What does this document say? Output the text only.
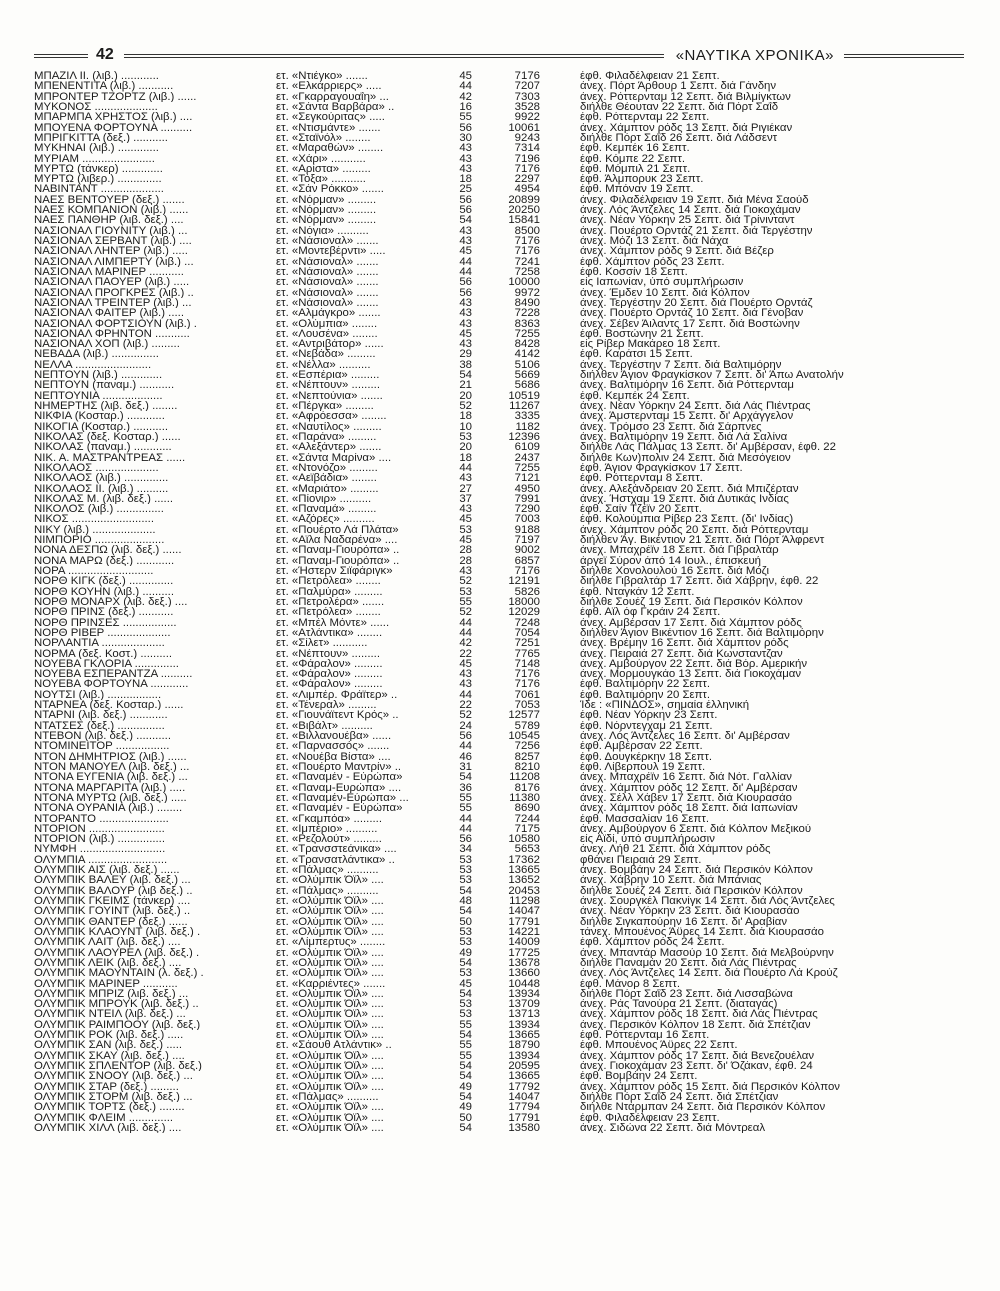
42	«ΝΑΥΤΙΚΑ ΧΡΟΝΙΚΑ»
ΜΠΑΖΙΛ ΙΙ. (λιβ.) ............	ετ. «Ντιέγκο» .......	45	7176	έφθ. Φιλαδέλφειαν 21 Σεπτ.
ΜΠΕΝΕΝΤΙΤΑ (λιβ.) ...........	ετ. «Ελκάρριερς» .....	44	7207	άνεχ. Πόρτ Άρθουρ 1 Σεπτ. διά Γάνδην
ΜΠΡΟΝΤΕΡ ΤΖΟΡΤΖ (λιβ.) ......	ετ. «Γκαρραγουαΐη» ...	42	7303	άνεχ. Ρόττερνταμ 12 Σεπτ. διά Βιλμίγκτων
ΜΥΚΟΝΟΣ ....................	ετ. «Σάντα Βαρβάρα» ..	16	3528	διήλθε Θέουταν 22 Σεπτ. διά Πόρτ Σαΐδ
ΜΠΑΡΜΠΑ ΧΡΗΣΤΟΣ (λιβ.) ....	ετ. «Σεγκούριτας» .....	55	9922	έφθ. Ρόττερνταμ 22 Σεπτ.
ΜΠΟΥΕΝΑ ΦΟΡΤΟΥΝΑ ..........	ετ. «Ντισμάντε» .......	56	10061	άνεχ. Χάμπτον ρόδς 13 Σεπτ. διά Ριγιέκαν
ΜΠΡΙΓΚΙΤΤΑ (δεξ.) ...........	ετ. «Σταϊνόλ» ........	30	9243	διήλθε Πόρτ Σαΐδ 26 Σεπτ. διά Λάδσεντ
ΜΥΚΗΝΑΙ (λιβ.) .............	ετ. «Μαραθών» ........	43	7314	έφθ. Κεμπέκ 16 Σεπτ.
ΜΥΡΙΑΜ .......................	ετ. «Χάρι» ...........	43	7196	έφθ. Κόμπε 22 Σεπτ.
ΜΥΡΤΩ (τάνκερ) .............	ετ. «Αρίστα» .........	43	7176	έφθ. Μόμπιλ 21 Σεπτ.
ΜΥΡΤΩ (λιβερ.) ..............	ετ. «Τόξα» ...........	18	2297	έφθ. Άλμπορυκ 23 Σεπτ.
ΝΑΒΙΝΤΑΝΤ ....................	ετ. «Σάν Ρόκκο» .......	25	4954	έφθ. Μπόναν 19 Σεπτ.
ΝΑΕΣ ΒΕΝΤΟΥΕΡ (δεξ.) .......	ετ. «Νόρμαν» .........	56	20899	άνεχ. Φιλαδέλφειαν 19 Σεπτ. διά Μένα Σαούδ
ΝΑΕΣ ΚΟΜΠΑΝΙΟΝ (λιβ.) ......	ετ. «Νόρμαν» .........	56	20250	άνεχ. Λός Άντζελες 14 Σεπτ. διά Γιοκοχάμαν
ΝΑΕΣ ΠΑΝΘΗΡ (λιβ. δεξ.) ....	ετ. «Νόρμαν» .........	54	15841	άνεχ. Νέαν Υόρκην 25 Σεπτ. διά Τρίνινταντ
ΝΑΣΙΟΝΑΛ ΓΙΟΥΝΙΤΥ (λιβ.) ...	ετ. «Νόγια» ..........	43	8500	άνεχ. Πουέρτο Ορντάζ 21 Σεπτ. διά Τεργέστην
ΝΑΣΙΟΝΑΛ ΣΕΡΒΑΝΤ (λιβ.) ....	ετ. «Νάσιοναλ» .......	43	7176	άνεχ. Μόζι 13 Σεπτ. διά Νάχα
ΝΑΣΙΟΝΑΛ ΛΗΝΤΕΡ (λιβ.) .....	ετ. «Μοντεβέρντι» .....	45	7176	άνεχ. Χάμπτον ρόδς 9 Σεπτ. διά Βέζερ
ΝΑΣΙΟΝΑΛ ΛΙΜΠΕΡΤΥ (λιβ.) ...	ετ. «Νάσιοναλ» .......	44	7241	έφθ. Χάμπτον ρόδς 23 Σεπτ.
ΝΑΣΙΟΝΑΛ ΜΑΡΙΝΕΡ ...........	ετ. «Νάσιοναλ» .......	44	7258	έφθ. Κοσσίν 18 Σεπτ.
ΝΑΣΙΟΝΑΛ ΠΑΟΥΕΡ (λιβ.) .....	ετ. «Νάσιοναλ» .......	56	10000	είς Ιαπωνίαν, ύπό συμπλήρωσιν
ΝΑΣΙΟΝΑΛ ΠΡΟΓΚΡΕΣ (λιβ.) ..	ετ. «Νάσιοναλ» .......	56	9972	άνεχ. Έμδεν 10 Σεπτ. διά Κόλπον
ΝΑΣΙΟΝΑΛ ΤΡΕΪΝΤΕΡ (λιβ.) ...	ετ. «Νάσιοναλ» .......	43	8490	άνεχ. Τεργέστην 20 Σεπτ. διά Πουέρτο Ορντάζ
ΝΑΣΙΟΝΑΛ ΦΑΪΤΕΡ (λιβ.) .....	ετ. «Αλμάγκρο» .......	43	7228	άνεχ. Πουέρτο Ορντάζ 10 Σεπτ. διά Γένοβαν
ΝΑΣΙΟΝΑΛ ΦΟΡΤΣΙΟΥΝ (λιβ.) .	ετ. «Ολύμπια» ........	43	8363	άνεχ. Σέβεν Άιλαντς 17 Σεπτ. διά Βοστώνην
ΝΑΣΙΟΝΑΛ ΦΡΗΝΤΟΝ ...........	ετ. «Λουσένα» ........	45	7255	έφθ. Βοστώνην 21 Σεπτ.
ΝΑΣΙΟΝΑΛ ΧΟΠ (λιβ.) .........	ετ. «Αντριβάτορ» ......	43	8428	είς Ρίβερ Μακάρεο 18 Σεπτ.
ΝΕΒΑΔΑ (λιβ.) ...............	ετ. «Νεβάδα» .........	29	4142	έφθ. Καράτσι 15 Σεπτ.
ΝΕΛΛΑ ........................	ετ. «Νέλλα» ..........	38	5106	άνεχ. Τεργέστην 7 Σεπτ. διά Βαλτιμόρην
ΝΕΠΤΟΥΝ (λιβ.) .............	ετ. «Εσπέρια» .........	54	5669	διήλθεν Άγιον Φραγκίσκον 7 Σεπτ. δι' Άπω Ανατολήν
ΝΕΠΤΟΥΝ (παναμ.) ...........	ετ. «Νέπτουν» .........	21	5686	άνεχ. Βαλτιμόρην 16 Σεπτ. διά Ρόττερνταμ
ΝΕΠΤΟΥΝΙΑ ...................	ετ. «Νεπτούνια» .......	20	10519	έφθ. Κεμπέκ 24 Σεπτ.
ΝΗΜΕΡΤΗΣ (λιβ. δεξ.) ........	ετ. «Πέργκα» .........	52	11267	άνεχ. Νέαν Υόρκην 24 Σεπτ. διά Λάς Πιέντρας
ΝΙΚΦΙΑ (Κοσταρ.) ............	ετ. «Αφρόεσσα» ........	18	3335	άνεχ. Άμστερνταμ 15 Σεπτ. δι' Αρχάγγελον
ΝΙΚΟΓΙΑ (Κοσταρ.) ...........	ετ. «Ναυτίλος» .........	10	1182	άνεχ. Τρόμσο 23 Σεπτ. διά Σάρπνες
ΝΙΚΟΛΑΣ (δεξ. Κοσταρ.) ......	ετ. «Παράνα» .........	53	12396	άνεχ. Βαλτιμόρην 19 Σεπτ. διά Λά Σαλίνα
ΝΙΚΟΛΑΣ (παναμ.) ............	ετ. «Αλεξάντερ» .......	20	6109	διήλθε Λάς Πάλμας 13 Σεπτ. δι' Αμβέρσαν, έφθ. 22
ΝΙΚ. Α. ΜΑΣΤΡΑΝΤΡΕΑΣ ......	ετ. «Σάντα Μαρίνα» ....	18	2437	διήλθε Κων)πολιν 24 Σεπτ. διά Μεσόγειον
ΝΙΚΟΛΑΟΣ ....................	ετ. «Ντονόζο» .........	44	7255	έφθ. Άγιον Φραγκίσκον 17 Σεπτ.
ΝΙΚΟΛΑΟΣ (λιβ.) ..............	ετ. «Αεϊβάδια» ........	43	7121	έφθ. Ρόττερνταμ 8 Σεπτ.
ΝΙΚΟΛΑΟΣ ΙΙ. (λιβ.) ..........	ετ. «Μαριάτο» .........	27	4950	άνεχ. Αλεξάνδρειαν 20 Σεπτ. διά Μπιζέρταν
ΝΙΚΟΛΑΣ Μ. (λιβ. δεξ.) ......	ετ. «Πίονιρ» ..........	37	7991	άνεχ. Ήστχαμ 19 Σεπτ. διά Δυτικάς Ινδίας
ΝΙΚΟΛΟΣ (λιβ.) ...............	ετ. «Παναμά» .........	43	7290	έφθ. Σαίν Τζέϊν 20 Σεπτ.
ΝΙΚΟΣ ..........................	ετ. «Αζόρες» ..........	45	7003	έφθ. Κολούμπια Ρίβερ 23 Σεπτ. (δι' Ινδίας)
ΝΙΚΥ (λιβ.) ....................	ετ. «Πουέρτο Λά Πλάτα»	53	9188	άνεχ. Χάμπτον ρόδς 20 Σεπτ. διά Ρόττερνταμ
ΝΙΜΠΟΡΙΟ ......................	ετ. «Αϊλα Ναδαρένα» ....	45	7197	διήλθεν Άγ. Βικέντιον 21 Σεπτ. διά Πόρτ Άλφρεντ
ΝΟΝΑ ΔΕΣΠΩ (λιβ. δεξ.) ......	ετ. «Παναμ-Γιουρόπα» ..	28	9002	άνεχ. Μπαχρέϊν 18 Σεπτ. διά Γιβραλτάρ
ΝΟΝΑ ΜΑΡΩ (δεξ.) ............	ετ. «Παναμ-Γιουρόπα» ..	28	6857	άργεϊ Σύρον άπό 14 Ιουλ., έπισκευή
ΝΟΡΑ ...........................	ετ. «Ήστερν Σιϊφάριγκ»	43	7176	διήλθε Χονολουλού 16 Σεπτ. διά Μόζι
ΝΟΡΘ ΚΙΓΚ (δεξ.) ..............	ετ. «Πετρόλεα» ........	52	12191	διήλθε Γιβραλτάρ 17 Σεπτ. διά Χάβρην, έφθ. 22
ΝΟΡΘ ΚΟΥΗΝ (λιβ.) ..........	ετ. «Παλμύρα» .........	53	5826	έφθ. Νταγκάν 12 Σεπτ.
ΝΟΡΘ ΜΟΝΑΡΧ (λιβ. δεξ.) ....	ετ. «Πετρολέρα» .......	55	18000	διήλθε Σουέζ 19 Σεπτ. διά Περσικόν Κόλπον
ΝΟΡΘ ΠΡΙΝΣ (δεξ.) ...........	ετ. «Πετρόλεα» ........	52	12029	έφθ. Αϊλ όφ Γκράιν 24 Σεπτ.
ΝΟΡΘ ΠΡΙΝΣΕΣ .................	ετ. «Μπέλ Μόντε» ......	44	7248	άνεχ. Αμβέρσαν 17 Σεπτ. διά Χάμπτον ρόδς
ΝΟΡΘ ΡΙΒΕΡ ....................	ετ. «Ατλάντικα» ........	44	7054	διήλθεν Άγιον Βικέντιον 16 Σεπτ. διά Βαλτιμόρην
ΝΟΡΛΑΝΤΙΑ ....................	ετ. «Σίλετ» ...........	42	7251	άνεχ. Βρέμην 16 Σεπτ. διά Χάμπτον ρόδς
ΝΟΡΜΑ (δεξ. Κοστ.) ..........	ετ. «Νέπτουν» .........	22	7765	άνεχ. Πειραιά 27 Σεπτ. διά Κωνσταντζαν
ΝΟΥΕΒΑ ΓΚΛΟΡΙΑ ..............	ετ. «Φάραλον» .........	45	7148	άνεχ. Αμβούργον 22 Σεπτ. διά Βόρ. Αμερικήν
ΝΟΥΕΒΑ ΕΣΠΕΡΑΝΤΖΑ ..........	ετ. «Φάραλον» .........	43	7176	άνεχ. Μορμουγκάο 13 Σεπτ. διά Γιοκοχάμαν
ΝΟΥΕΒΑ ΦΟΡΤΟΥΝΑ ............	ετ. «Φάραλον» .........	43	7176	έφθ. Βαλτιμόρην 22 Σεπτ.
ΝΟΥΤΣΙ (λιβ.) .................	ετ. «Λιμπέρ. Φράϊτερ» ..	44	7061	έφθ. Βαλτιμόρην 20 Σεπτ.
ΝΤΑΡΝΕΑ (δεξ. Κοσταρ.) ......	ετ. «Τένεραλ» .........	22	7053	Ίδε : «ΠΙΝΔΟΣ», σημαία έλληνική
ΝΤΑΡΝΙ (λιβ. δεξ.) ............	ετ. «Γιουνάϊτεντ Κρός» ..	52	12577	έφθ. Νέαν Υόρκην 23 Σεπτ.
ΝΤΑΤΣΕΣ (δεξ.) ...............	ετ. «Βιβάλτ» ..........	24	5789	έφθ. Νόρντεγχαμ 21 Σεπτ.
ΝΤΕΒΟΝ (λιβ. δεξ.) ...........	ετ. «Βιλλανουέβα» ......	56	10545	άνεχ. Λός Άντζελες 16 Σεπτ. δι' Αμβέρσαν
ΝΤΟΜΙΝΕΪΤΟΡ .................	ετ. «Παρνασσός» .......	44	7256	έφθ. Αμβέρσαν 22 Σεπτ.
ΝΤΟΝ ΔΗΜΗΤΡΙΟΣ (λιβ.) ......	ετ. «Νουέβα Βίστα» ....	46	8257	έφθ. Δουγκέρκην 18 Σεπτ.
ΝΤΟΝ ΜΑΝΟΥΕΛ (λιβ. δεξ.) ...	ετ. «Πουέρτο Μαντρίν» ..	31	8210	έφθ. Λίβερπουλ 19 Σεπτ.
ΝΤΟΝΑ ΕΥΓΕΝΙΑ (λιβ. δεξ.) ...	ετ. «Παναμέν - Εύρώπα»	54	11208	άνεχ. Μπαχρέϊν 16 Σεπτ. διά Νότ. Γαλλίαν
ΝΤΟΝΑ ΜΑΡΓΑΡΙΤΑ (λιβ.) .....	ετ. «Παναμ-Ευρώπα» ....	36	8176	άνεχ. Χάμπτον ρόδς 12 Σεπτ. δι' Αμβέρσαν
ΝΤΟΝΑ ΜΥΡΤΩ (λιβ. δεξ.) .....	ετ. «Παναμέν-Εύρώπα» ...	55	11380	άνεχ. Σέλλ Χάβεν 17 Σεπτ. διά Κιουρασάο
ΝΤΟΝΑ ΟΥΡΑΝΙΑ (λιβ.) ........	ετ. «Παναμέν - Εύρώπα»	55	8690	άνεχ. Χάμπτον ρόδς 18 Σεπτ. διά Ιαπωνίαν
ΝΤΟΡΑΝΤΟ ......................	ετ. «Γκαμπόα» .........	44	7244	έφθ. Μασσαλίαν 16 Σεπτ.
ΝΤΟΡΙΟΝ ........................	ετ. «Ιμπέριο» ..........	44	7175	άνεχ. Αμβούργον 6 Σεπτ. διά Κόλπον Μεξικού
ΝΤΟΡΙΟΝ (λιβ.) ...............	ετ. «Ρεζολούτ» .........	56	10580	είς Αϊδί, ύπό συμπλήρωσιν
ΝΥΜΦΗ ...........................	ετ. «Τρανσστεάνικα» ....	34	5653	άνεχ. Λήθ 21 Σεπτ. διά Χάμπτον ρόδς
ΟΛΥΜΠΙΑ .........................	ετ. «Τρανσατλάντικα» ..	53	17362	φθάνει Πειραιά 29 Σεπτ.
ΟΛΥΜΠΙΚ ΑΪΣ (λιβ. δεξ.) ......	ετ. «Πάλμας» ..........	53	13665	άνεχ. Βομβάην 24 Σεπτ. διά Περσικόν Κόλπον
ΟΛΥΜΠΙΚ ΒΑΛΕΫ (λιβ. δεξ.) ...	ετ. «Ολύμπικ Όϊλ» ....	53	13652	άνεχ. Χάβρην 10 Σεπτ. διά Μπάνιας
ΟΛΥΜΠΙΚ ΒΑΛΟΥΡ (λιβ δεξ.) ..	ετ. «Πάλμας» ..........	54	20453	διήλθε Σουέζ 24 Σεπτ. διά Περσικόν Κόλπον
ΟΛΥΜΠΙΚ ΓΚΕΪΜΣ (τάνκερ) ....	ετ. «Ολύμπικ Όϊλ» ....	48	11298	άνεχ. Σουργκέλ Πακνίγκ 14 Σεπτ. διά Λός Άντζελες
ΟΛΥΜΠΙΚ ΓΟΥΪΝΤ (λιβ. δεξ.) ..	ετ. «Ολύμπικ Όϊλ» ....	54	14047	άνεχ. Νέαν Υόρκην 23 Σεπτ. διά Κιουρασάο
ΟΛΥΜΠΙΚ ΘΑΝΤΕΡ (δεξ.) ......	ετ. «Ολύμπικ Όϊλ» ....	50	17791	διήλθε Σιγκαπούρην 16 Σεπτ. δι' Αραβίαν
ΟΛΥΜΠΙΚ ΚΛΑΟΥΝΤ (λιβ. δεξ.) .	ετ. «Ολύμπικ Όϊλ» ....	53	14221	τάνεχ. Μπουένος Άϋρες 14 Σεπτ. διά Κιουρασάο
ΟΛΥΜΠΙΚ ΛΑΪΤ (λιβ. δεξ.) ....	ετ. «Λίμπερτυς» ........	53	14009	έφθ. Χάμπτον ρόδς 24 Σεπτ.
ΟΛΥΜΠΙΚ ΛΑΟΥΡΕΛ (λιβ. δεξ.) .	ετ. «Ολύμπικ Όϊλ» ....	49	17725	άνεχ. Μπαντάρ Μασούρ 10 Σεπτ. διά Μελβούρνην
ΟΛΥΜΠΙΚ ΛΕΪΚ (λιβ. δεξ.) ....	ετ. «Ολύμπικ Όϊλ» ....	54	13678	διήλθε Παναμάν 20 Σεπτ. διά Λάς Πιέντρας
ΟΛΥΜΠΙΚ ΜΑΟΥΝΤΑΙΝ (λ. δεξ.) .	ετ. «Ολύμπικ Όϊλ» ....	53	13660	άνεχ. Λός Άντζελες 14 Σεπτ. διά Πουέρτο Λά Κρούζ
ΟΛΥΜΠΙΚ ΜΑΡΙΝΕΡ ...........	ετ. «Καρριέντες» .......	45	10448	έφθ. Μάνορ 8 Σεπτ.
ΟΛΥΜΠΙΚ ΜΠΡΙΖ (λιβ. δεξ.) ...	ετ. «Ολύμπικ Όϊλ» ....	54	13934	διήλθε Πόρτ Σαΐδ 23 Σεπτ. διά Λισσαβώνα
ΟΛΥΜΠΙΚ ΜΠΡΟΥΚ (λιβ. δεξ.) ..	ετ. «Ολύμπικ Όϊλ» ....	53	13709	άνεχ. Ράς Τανούρα 21 Σεπτ. (διαταγάς)
ΟΛΥΜΠΙΚ ΝΤΕΪΛ (λιβ. δεξ.) ...	ετ. «Ολύμπικ Όϊλ» ....	53	13713	άνεχ. Χάμπτον ρόδς 18 Σεπτ. διά Λάς Πιέντρας
ΟΛΥΜΠΙΚ ΡΑΙΜΠΟΟΥ (λιβ. δεξ.)	ετ. «Ολύμπικ Όϊλ» ....	55	13934	άνεχ. Περσικόν Κόλπον 18 Σεπτ. διά Σπέτζιαν
ΟΛΥΜΠΙΚ ΡΟΚ (λιβ. δεξ.) .....	ετ. «Ολύμπικ Όϊλ» ....	54	13665	έφθ. Ρόττερνταμ 16 Σεπτ.
ΟΛΥΜΠΙΚ ΣΑΝ (λιβ. δεξ.) .....	ετ. «Σάουθ Ατλάντικ» ..	55	18790	έφθ. Μπουένος Άϋρες 22 Σεπτ.
ΟΛΥΜΠΙΚ ΣΚΑΫ (λιβ. δεξ.) ....	ετ. «Ολύμπικ Όϊλ» ....	55	13934	άνεχ. Χάμπτον ρόδς 17 Σεπτ. διά Βενεζουέλαν
ΟΛΥΜΠΙΚ ΣΠΛΕΝΤΟΡ (λιβ. δεξ.)	ετ. «Ολύμπικ Όϊλ» ....	54	20595	άνεχ. Γιοκοχάμαν 23 Σεπτ. δι' Όζάκαν, έφθ. 24
ΟΛΥΜΠΙΚ ΣΝΟΟΥ (λιβ. δεξ.) ...	ετ. «Ολύμπικ Όϊλ» ....	54	13665	έφθ. Βομβάην 24 Σεπτ.
ΟΛΥΜΠΙΚ ΣΤΑΡ (δεξ.) .........	ετ. «Ολύμπικ Όϊλ» ....	49	17792	άνεχ. Χάμπτον ρόδς 15 Σεπτ. διά Περσικόν Κόλπον
ΟΛΥΜΠΙΚ ΣΤΟΡΜ (λιβ. δεξ.) ...	ετ. «Πάλμας» ..........	54	14047	διήλθε Πόρτ Σαΐδ 24 Σεπτ. διά Σπέτζιαν
ΟΛΥΜΠΙΚ ΤΟΡΤΣ (δεξ.) ........	ετ. «Ολύμπικ Όϊλ» ....	49	17794	διήλθε Ντάρμπαν 24 Σεπτ. διά Περσικόν Κόλπον
ΟΛΥΜΠΙΚ ΦΛΕΪΜ ..............	ετ. «Ολύμπικ Όϊλ» ....	50	17791	έφθ. Φιλαδέλφειαν 23 Σεπτ.
ΟΛΥΜΠΙΚ ΧΙΛΛ (λιβ. δεξ.) ....	ετ. «Ολύμπικ Όϊλ» ....	54	13580	άνεχ. Σιδώνα 22 Σεπτ. διά Μόντρεαλ
